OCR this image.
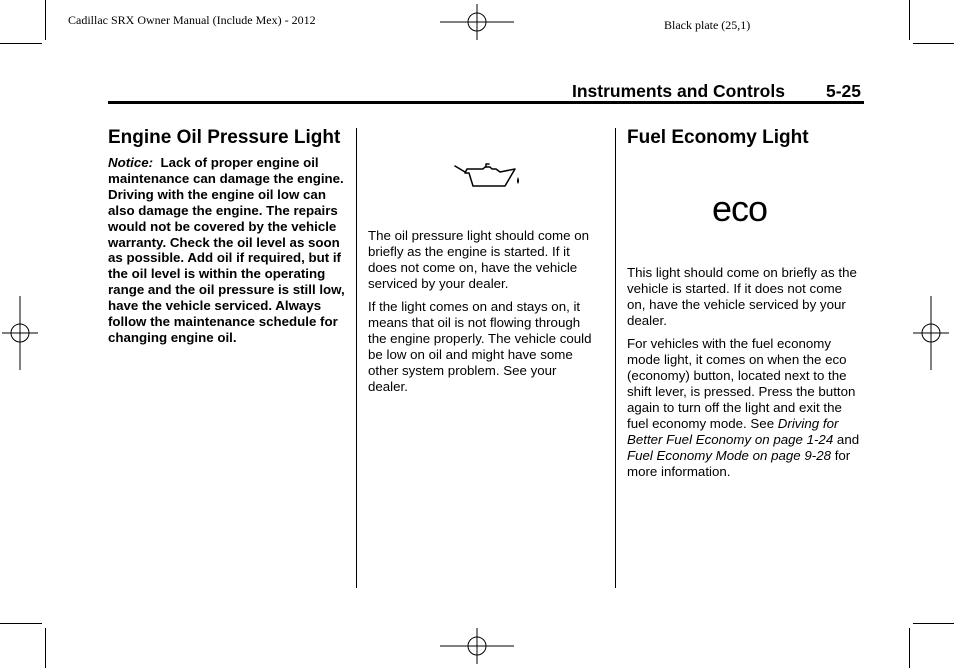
Cadillac SRX Owner Manual (Include Mex) - 2012	Black plate (25,1)
Instruments and Controls 5-25
Engine Oil Pressure Light
Notice: Lack of proper engine oil maintenance can damage the engine. Driving with the engine oil low can also damage the engine. The repairs would not be covered by the vehicle warranty. Check the oil level as soon as possible. Add oil if required, but if the oil level is within the operating range and the oil pressure is still low, have the vehicle serviced. Always follow the maintenance schedule for changing engine oil.

The oil pressure light should come on briefly as the engine is started. If it does not come on, have the vehicle serviced by your dealer.

If the light comes on and stays on, it means that oil is not flowing through the engine properly. The vehicle could be low on oil and might have some other system problem. See your dealer.

Fuel Economy Light
eco

This light should come on briefly as the vehicle is started. If it does not come on, have the vehicle serviced by your dealer.

For vehicles with the fuel economy mode light, it comes on when the eco (economy) button, located next to the shift lever, is pressed. Press the button again to turn off the light and exit the fuel economy mode. See Driving for Better Fuel Economy on page 1-24 and Fuel Economy Mode on page 9-28 for more information.
